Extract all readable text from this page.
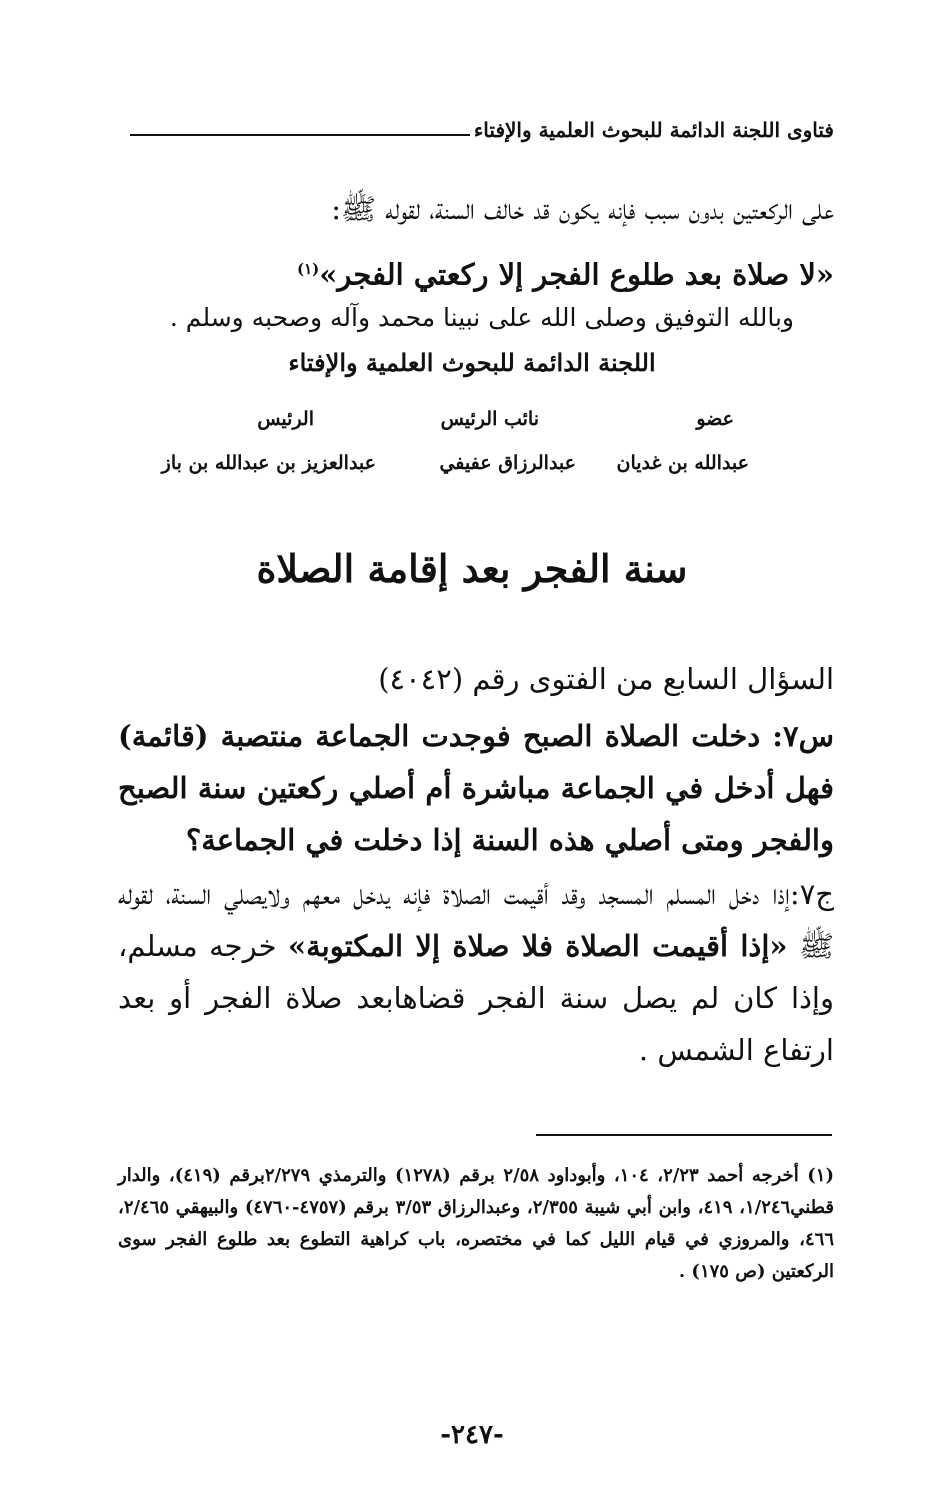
فتاوى اللجنة الدائمة للبحوث العلمية والإفتاء
على الركعتين بدون سبب فإنه يكون قد خالف السنة، لقوله ﷺ:
«لا صلاة بعد طلوع الفجر إلا ركعتي الفجر»$^{(١)}$
وبالله التوفيق وصلى الله على نبينا محمد وآله وصحبه وسلم .
اللجنة الدائمة للبحوث العلمية والإفتاء
عضو
عبدالله بن غديان
نائب الرئيس
عبدالرزاق عفيفي
الرئيس
عبدالعزيز بن عبدالله بن باز
سنة الفجر بعد إقامة الصلاة
السؤال السابع من الفتوى رقم (٤٠٤٢)
س٧: دخلت الصلاة الصبح فوجدت الجماعة منتصبة (قائمة) فهل أدخل في الجماعة مباشرة أم أصلي ركعتين سنة الصبح والفجر ومتى أصلي هذه السنة إذا دخلت في الجماعة؟
ج٧:إذا دخل المسلم المسجد وقد أقيمت الصلاة فإنه يدخل معهم ولايصلي السنة، لقوله ﷺ «إذا أقيمت الصلاة فلا صلاة إلا المكتوبة» خرجه مسلم، وإذا كان لم يصل سنة الفجر قضاهابعد صلاة الفجر أو بعد ارتفاع الشمس .
(١) أخرجه أحمد ٢/٢٣، ١٠٤، وأبوداود ٢/٥٨ برقم (١٢٧٨) والترمذي ٢/٢٧٩برقم (٤١٩)، والدار قطني١/٢٤٦، ٤١٩، وابن أبي شيبة ٢/٣٥٥، وعبدالرزاق ٣/٥٣ برقم (٤٧٥٧-٤٧٦٠) والبيهقي ٢/٤٦٥، ٤٦٦، والمروزي في قيام الليل كما في مختصره، باب كراهية التطوع بعد طلوع الفجر سوى الركعتين (ص ١٧٥) .
-٢٤٧-
